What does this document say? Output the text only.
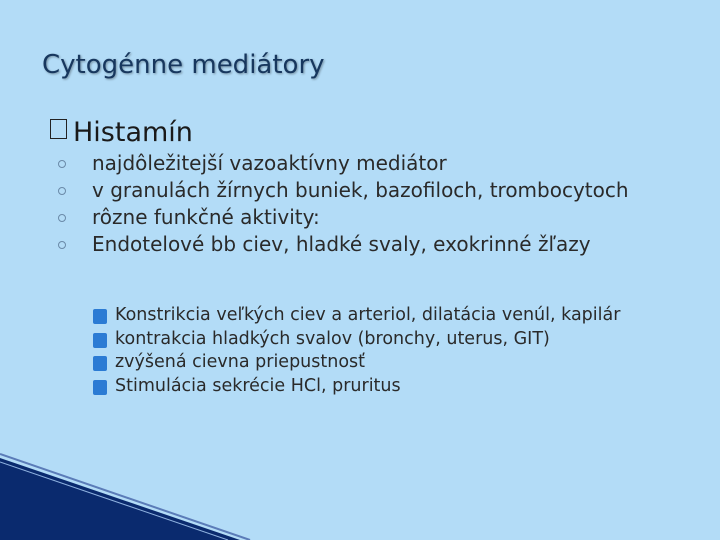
Cytogénne mediátory
Histamín
najdôležitejší vazoaktívny mediátor
v granulách žírnych buniek, bazofiloch, trombocytoch
rôzne funkčné aktivity:
Endotelové bb ciev, hladké svaly, exokrinné žľazy
Konstrikcia veľkých ciev a arteriol, dilatácia venúl, kapilár
kontrakcia hladkých svalov (bronchy, uterus, GIT)
zvýšená cievna priepustnosť
Stimulácia sekrécie HCl, pruritus
